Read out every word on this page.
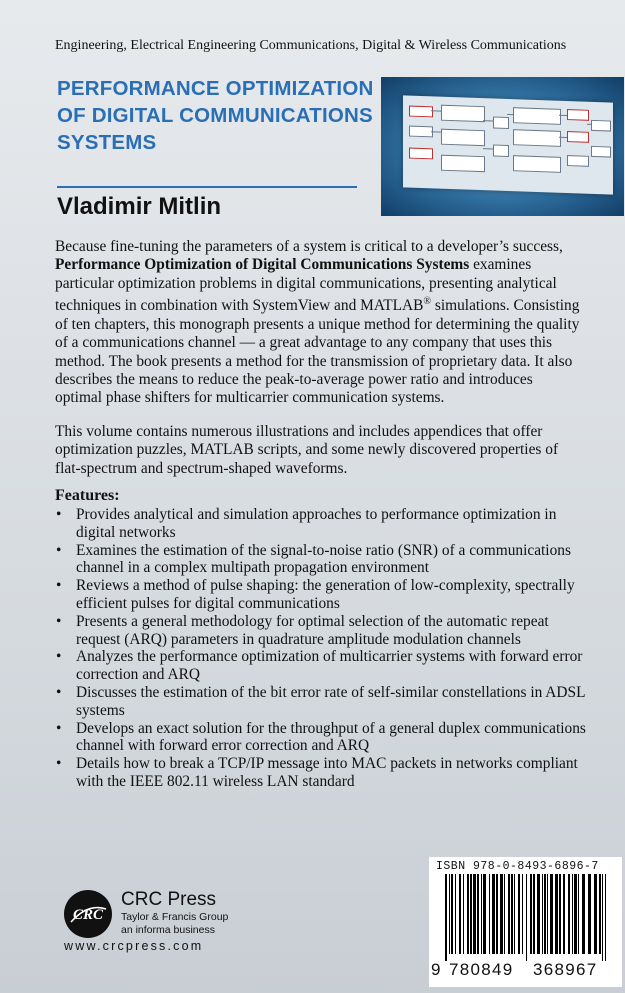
Engineering, Electrical Engineering Communications, Digital & Wireless Communications
PERFORMANCE OPTIMIZATION OF DIGITAL COMMUNICATIONS SYSTEMS
Vladimir Mitlin

Because fine-tuning the parameters of a system is critical to a developer’s success, Performance Optimization of Digital Communications Systems examines particular optimization problems in digital communications, presenting analytical techniques in combination with SystemView and MATLAB® simulations. Consisting of ten chapters, this monograph presents a unique method for determining the quality of a communications channel — a great advantage to any company that uses this method. The book presents a method for the transmission of proprietary data. It also describes the means to reduce the peak-to-average power ratio and introduces optimal phase shifters for multicarrier communication systems.

This volume contains numerous illustrations and includes appendices that offer optimization puzzles, MATLAB scripts, and some newly discovered properties of flat-spectrum and spectrum-shaped waveforms.

Features:
• Provides analytical and simulation approaches to performance optimization in digital networks
• Examines the estimation of the signal-to-noise ratio (SNR) of a communications channel in a complex multipath propagation environment
• Reviews a method of pulse shaping: the generation of low-complexity, spectrally efficient pulses for digital communications
• Presents a general methodology for optimal selection of the automatic repeat request (ARQ) parameters in quadrature amplitude modulation channels
• Analyzes the performance optimization of multicarrier systems with forward error correction and ARQ
• Discusses the estimation of the bit error rate of self-similar constellations in ADSL systems
• Develops an exact solution for the throughput of a general duplex communications channel with forward error correction and ARQ
• Details how to break a TCP/IP message into MAC packets in networks compliant with the IEEE 802.11 wireless LAN standard
CRC
CRC Press
Taylor & Francis Group
an informa business
www.crcpress.com
ISBN 978-0-8493-6896-7
9 780849 368967
